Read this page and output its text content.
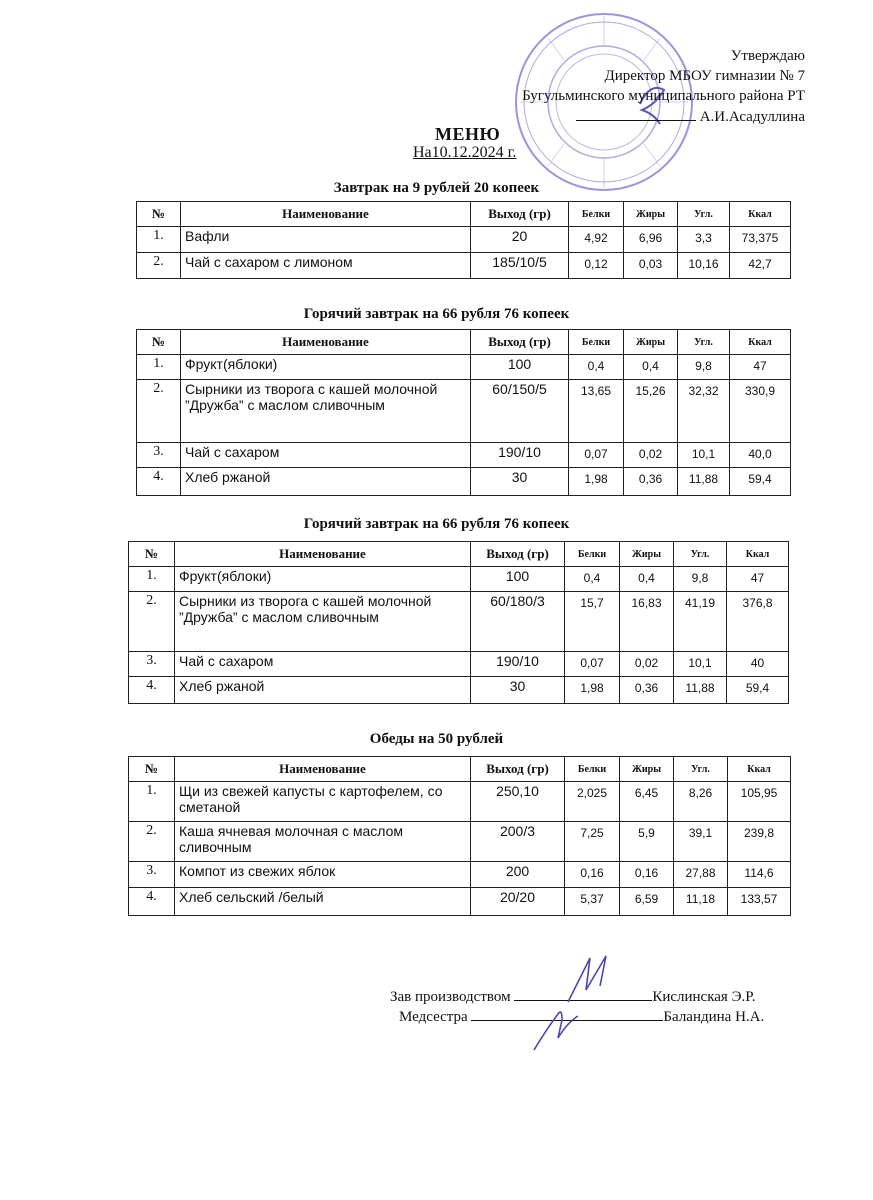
Утверждаю
Директор МБОУ гимназии № 7
Бугульминского муниципального района РТ
А.И.Асадуллина
МЕНЮ
На10.12.2024 г.
Завтрак на 9 рублей 20 копеек
№	Наименование	Выход (гр)	Белки	Жиры	Угл.	Ккал
1.	Вафли	20	4,92	6,96	3,3	73,375
2.	Чай с сахаром с лимоном	185/10/5	0,12	0,03	10,16	42,7
Горячий завтрак на 66 рубля 76 копеек
№	Наименование	Выход (гр)	Белки	Жиры	Угл.	Ккал
1.	Фрукт(яблоки)	100	0,4	0,4	9,8	47
2.	Сырники из творога с кашей молочной ”Дружба” с маслом сливочным	60/150/5	13,65	15,26	32,32	330,9
3.	Чай с сахаром	190/10	0,07	0,02	10,1	40,0
4.	Хлеб ржаной	30	1,98	0,36	11,88	59,4
Горячий завтрак на 66 рубля 76 копеек
№	Наименование	Выход (гр)	Белки	Жиры	Угл.	Ккал
1.	Фрукт(яблоки)	100	0,4	0,4	9,8	47
2.	Сырники из творога с кашей молочной ”Дружба” с маслом сливочным	60/180/3	15,7	16,83	41,19	376,8
3.	Чай с сахаром	190/10	0,07	0,02	10,1	40
4.	Хлеб ржаной	30	1,98	0,36	11,88	59,4
Обеды на 50 рублей
№	Наименование	Выход (гр)	Белки	Жиры	Угл.	Ккал
1.	Щи из свежей капусты с картофелем, со сметаной	250,10	2,025	6,45	8,26	105,95
2.	Каша ячневая молочная с маслом сливочным	200/3	7,25	5,9	39,1	239,8
3.	Компот из свежих яблок	200	0,16	0,16	27,88	114,6
4.	Хлеб сельский /белый	20/20	5,37	6,59	11,18	133,57
Зав производством	Кислинская Э.Р.
Медсестра	Баландина Н.А.
